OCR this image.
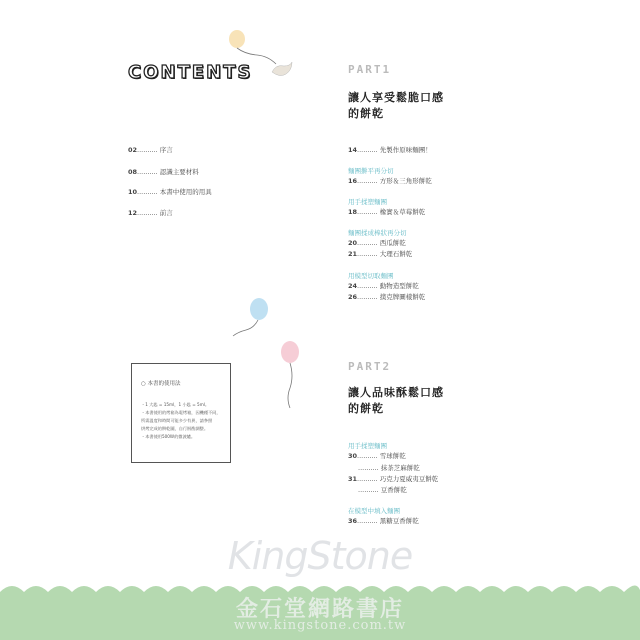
CONTENTS
02.......... 序言
08.......... 認識主要材料
10.......... 本書中使用的用具
12.......... 前言
PART1
讓人享受鬆脆口感
的餅乾
14.......... 先製作原味麵團！
麵團擀平再分切
16.......... 方形＆三角形餅乾
用手揉塑麵團
18.......... 橡實＆草莓餅乾
麵團揉成棒狀再分切
20.......... 西瓜餅乾
21.......... 大理石餅乾
用模型切取麵團
24.......... 動物造型餅乾
26.......... 撲克牌圖樣餅乾
○ 本書的使用法
・1 大匙 = 15ml，1 小匙 = 5ml。
・本書使用的烤箱為電烤箱，因機種不同，
所需溫度和時間可能多少有異，請參照
烘烤完成的餅乾圖，自行斟酌調整。
・本書使用500W的微波爐。
PART2
讓人品味酥鬆口感
的餅乾
用手揉塑麵團
30.......... 雪球餅乾
.......... 抹茶芝麻餅乾
31.......... 巧克力夏威夷豆餅乾
.......... 豆香餅乾
在模型中填入麵團
36.......... 黑糖豆香餅乾
KingStone
金石堂網路書店
www.kingstone.com.tw
